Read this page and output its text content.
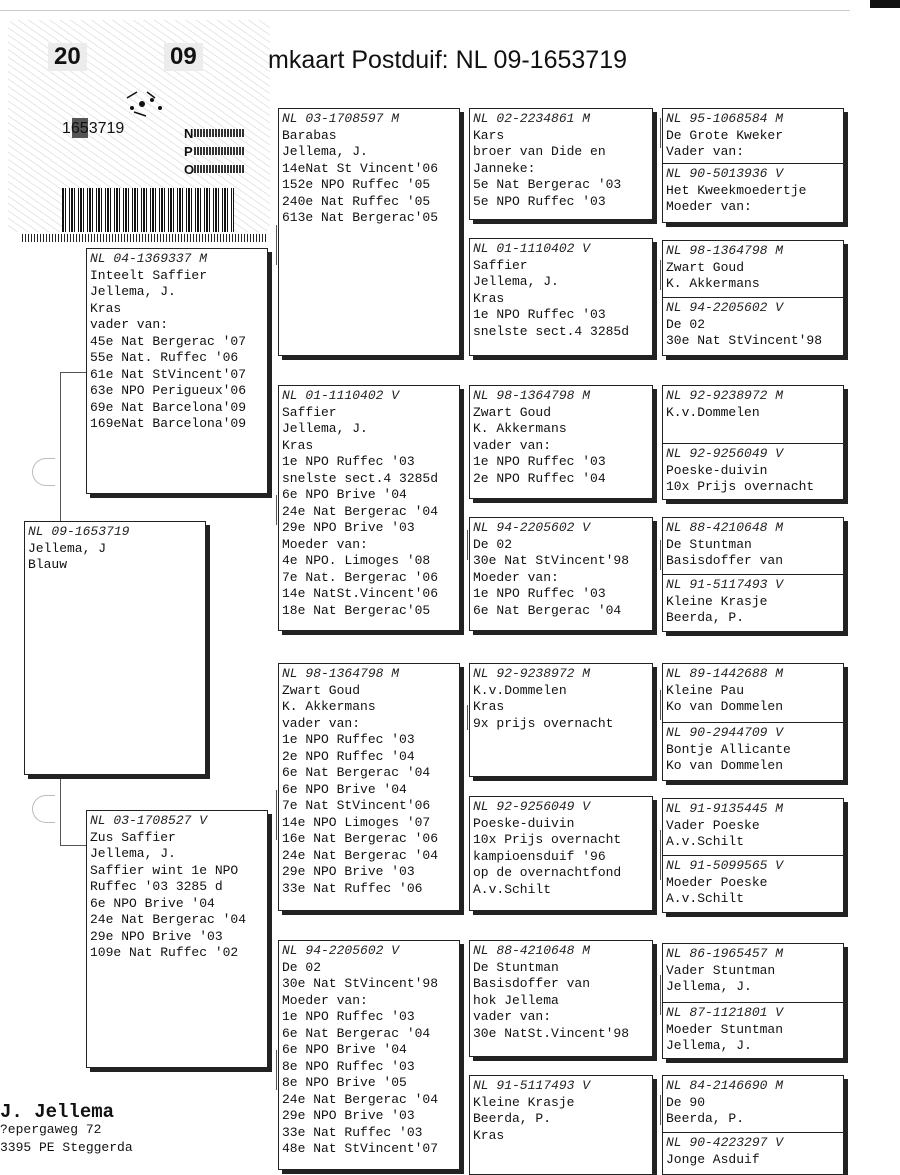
20	09
1653719	N
P
O
mkaart Postduif: NL 09-1653719
NL 09-1653719
Jellema, J
Blauw
NL 04-1369337 M
Inteelt Saffier
Jellema, J.
Kras
vader van:
45e Nat Bergerac '07
55e Nat. Ruffec '06
61e Nat StVincent'07
63e NPO Perigueux'06
69e Nat Barcelona'09
169eNat Barcelona'09
NL 03-1708527 V
Zus Saffier
Jellema, J.
Saffier wint 1e NPO
Ruffec '03 3285 d
6e NPO Brive '04
24e Nat Bergerac '04
29e NPO Brive '03
109e Nat Ruffec '02
NL 03-1708597 M
Barabas
Jellema, J.
14eNat St Vincent'06
152e NPO Ruffec '05
240e Nat Ruffec '05
613e Nat Bergerac'05
NL 01-1110402 V
Saffier
Jellema, J.
Kras
1e NPO Ruffec '03
snelste sect.4 3285d
6e NPO Brive '04
24e Nat Bergerac '04
29e NPO Brive '03
Moeder van:
4e NPO. Limoges '08
7e Nat. Bergerac '06
14e NatSt.Vincent'06
18e Nat Bergerac'05
NL 98-1364798 M
Zwart Goud
K. Akkermans
vader van:
1e NPO Ruffec '03
2e NPO Ruffec '04
6e Nat Bergerac '04
6e NPO Brive '04
7e Nat StVincent'06
14e NPO Limoges '07
16e Nat Bergerac '06
24e Nat Bergerac '04
29e NPO Brive '03
33e Nat Ruffec '06
NL 94-2205602 V
De 02
30e Nat StVincent'98
Moeder van:
1e NPO Ruffec '03
6e Nat Bergerac '04
6e NPO Brive '04
8e NPO Ruffec '03
8e NPO Brive '05
24e Nat Bergerac '04
29e NPO Brive '03
33e Nat Ruffec '03
48e Nat StVincent'07
NL 02-2234861 M
Kars
broer van Dide en
Janneke:
5e Nat Bergerac '03
5e NPO Ruffec '03
NL 01-1110402 V
Saffier
Jellema, J.
Kras
1e NPO Ruffec '03
snelste sect.4 3285d
NL 98-1364798 M
Zwart Goud
K. Akkermans
vader van:
1e NPO Ruffec '03
2e NPO Ruffec '04
NL 94-2205602 V
De 02
30e Nat StVincent'98
Moeder van:
1e NPO Ruffec '03
6e Nat Bergerac '04
NL 92-9238972 M
K.v.Dommelen
Kras
9x prijs overnacht
NL 92-9256049 V
Poeske-duivin
10x Prijs overnacht
kampioensduif '96
op de overnachtfond
A.v.Schilt
NL 88-4210648 M
De Stuntman
Basisdoffer van
hok Jellema
vader van:
30e NatSt.Vincent'98
NL 91-5117493 V
Kleine Krasje
Beerda, P.
Kras
NL 95-1068584 M
De Grote Kweker
Vader van:
NL 90-5013936 V
Het Kweekmoedertje
Moeder van:
NL 98-1364798 M
Zwart Goud
K. Akkermans
NL 94-2205602 V
De 02
30e Nat StVincent'98
NL 92-9238972 M
K.v.Dommelen
NL 92-9256049 V
Poeske-duivin
10x Prijs overnacht
NL 88-4210648 M
De Stuntman
Basisdoffer van
NL 91-5117493 V
Kleine Krasje
Beerda, P.
NL 89-1442688 M
Kleine Pau
Ko van Dommelen
NL 90-2944709 V
Bontje Allicante
Ko van Dommelen
NL 91-9135445 M
Vader Poeske
A.v.Schilt
NL 91-5099565 V
Moeder Poeske
A.v.Schilt
NL 86-1965457 M
Vader Stuntman
Jellema, J.
NL 87-1121801 V
Moeder Stuntman
Jellema, J.
NL 84-2146690 M
De 90
Beerda, P.
NL 90-4223297 V
Jonge Asduif
J. Jellema
?epergaweg 72
3395 PE Steggerda
